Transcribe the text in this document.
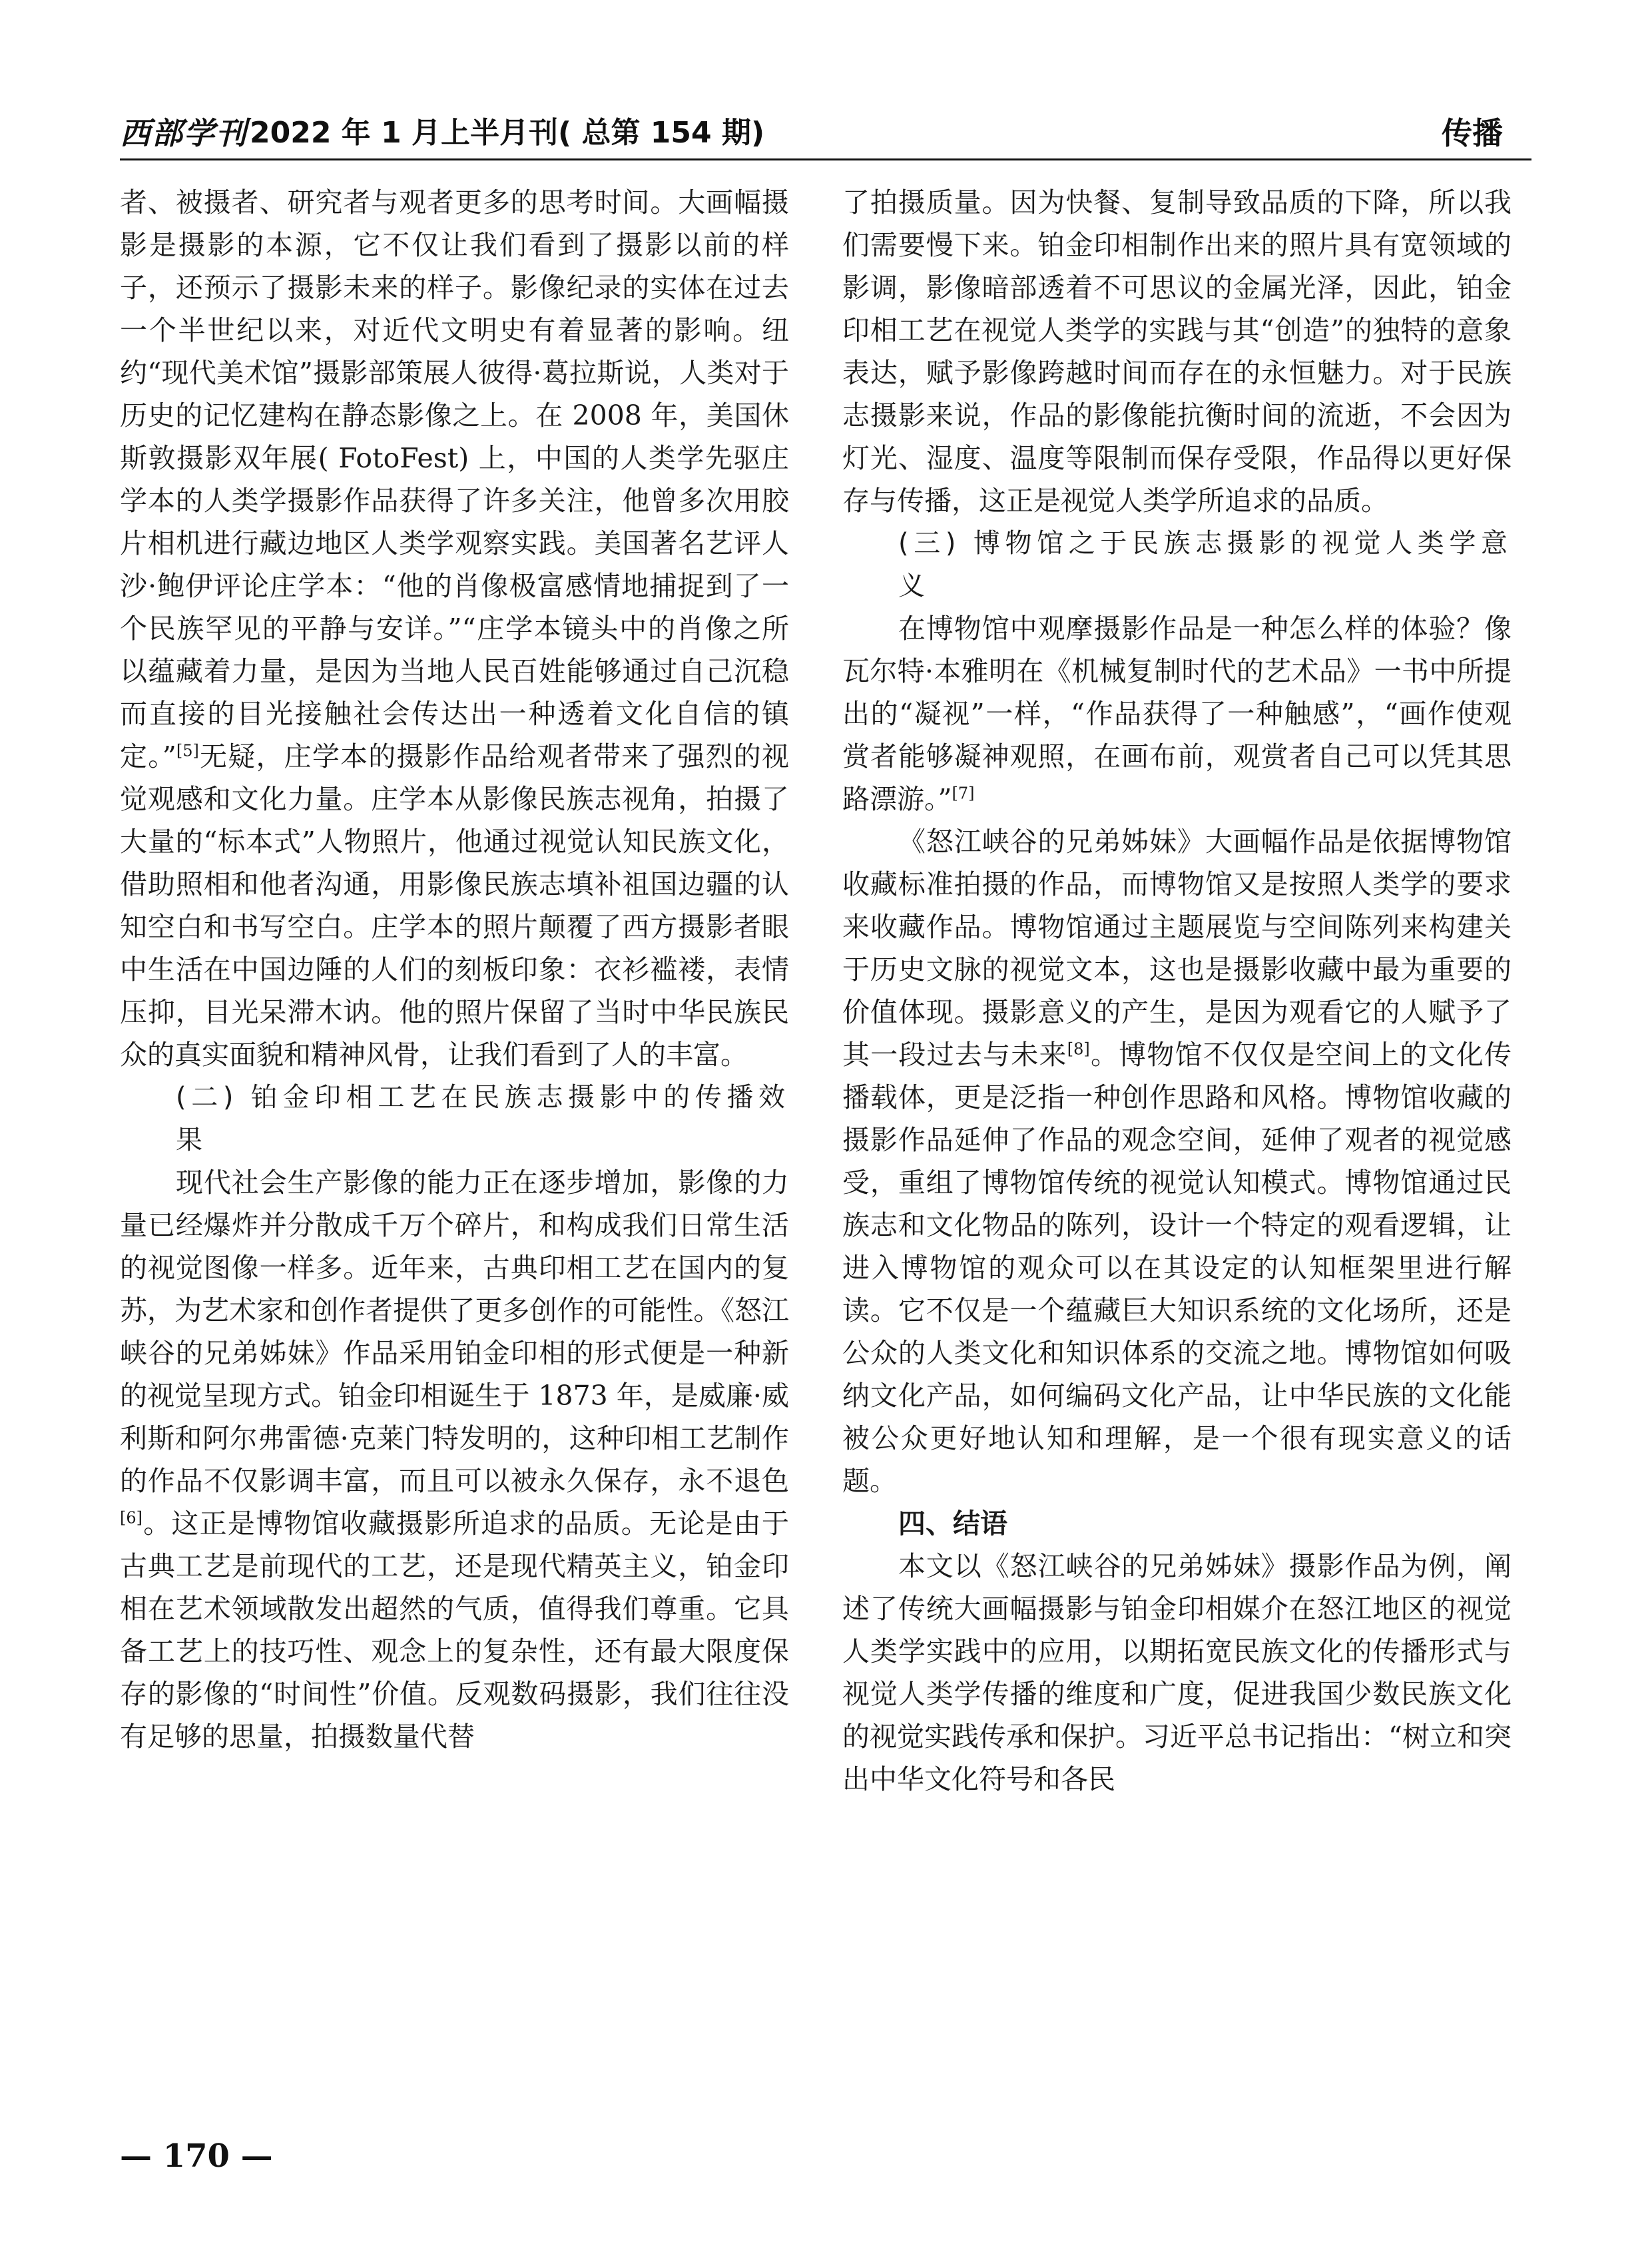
西部学刊 2022 年 1 月上半月刊( 总第 154 期)	传播

者、被摄者、研究者与观者更多的思考时间。大画幅摄影是摄影的本源，它不仅让我们看到了摄影以前的样子，还预示了摄影未来的样子。影像纪录的实体在过去一个半世纪以来，对近代文明史有着显著的影响。纽约“现代美术馆”摄影部策展人彼得·葛拉斯说，人类对于历史的记忆建构在静态影像之上。在 2008 年，美国休斯敦摄影双年展( FotoFest) 上，中国的人类学先驱庄学本的人类学摄影作品获得了许多关注，他曾多次用胶片相机进行藏边地区人类学观察实践。美国著名艺评人沙·鲍伊评论庄学本：“他的肖像极富感情地捕捉到了一个民族罕见的平静与安详。”“庄学本镜头中的肖像之所以蕴藏着力量，是因为当地人民百姓能够通过自己沉稳而直接的目光接触社会传达出一种透着文化自信的镇定。”[5]无疑，庄学本的摄影作品给观者带来了强烈的视觉观感和文化力量。庄学本从影像民族志视角，拍摄了大量的“标本式”人物照片，他通过视觉认知民族文化，借助照相和他者沟通，用影像民族志填补祖国边疆的认知空白和书写空白。庄学本的照片颠覆了西方摄影者眼中生活在中国边陲的人们的刻板印象：衣衫褴褛，表情压抑，目光呆滞木讷。他的照片保留了当时中华民族民众的真实面貌和精神风骨，让我们看到了人的丰富。

(二) 铂金印相工艺在民族志摄影中的传播效果

现代社会生产影像的能力正在逐步增加，影像的力量已经爆炸并分散成千万个碎片，和构成我们日常生活的视觉图像一样多。近年来，古典印相工艺在国内的复苏，为艺术家和创作者提供了更多创作的可能性。《怒江峡谷的兄弟姊妹》作品采用铂金印相的形式便是一种新的视觉呈现方式。铂金印相诞生于 1873 年，是威廉·威利斯和阿尔弗雷德·克莱门特发明的，这种印相工艺制作的作品不仅影调丰富，而且可以被永久保存，永不退色[6]。这正是博物馆收藏摄影所追求的品质。无论是由于古典工艺是前现代的工艺，还是现代精英主义，铂金印相在艺术领域散发出超然的气质，值得我们尊重。它具备工艺上的技巧性、观念上的复杂性，还有最大限度保存的影像的“时间性”价值。反观数码摄影，我们往往没有足够的思量，拍摄数量代替

了拍摄质量。因为快餐、复制导致品质的下降，所以我们需要慢下来。铂金印相制作出来的照片具有宽领域的影调，影像暗部透着不可思议的金属光泽，因此，铂金印相工艺在视觉人类学的实践与其“创造”的独特的意象表达，赋予影像跨越时间而存在的永恒魅力。对于民族志摄影来说，作品的影像能抗衡时间的流逝，不会因为灯光、湿度、温度等限制而保存受限，作品得以更好保存与传播，这正是视觉人类学所追求的品质。

(三) 博物馆之于民族志摄影的视觉人类学意义

在博物馆中观摩摄影作品是一种怎么样的体验？像瓦尔特·本雅明在《机械复制时代的艺术品》一书中所提出的“凝视”一样，“作品获得了一种触感”，“画作使观赏者能够凝神观照，在画布前，观赏者自己可以凭其思路漂游。”[7]

《怒江峡谷的兄弟姊妹》大画幅作品是依据博物馆收藏标准拍摄的作品，而博物馆又是按照人类学的要求来收藏作品。博物馆通过主题展览与空间陈列来构建关于历史文脉的视觉文本，这也是摄影收藏中最为重要的价值体现。摄影意义的产生，是因为观看它的人赋予了其一段过去与未来[8]。博物馆不仅仅是空间上的文化传播载体，更是泛指一种创作思路和风格。博物馆收藏的摄影作品延伸了作品的观念空间，延伸了观者的视觉感受，重组了博物馆传统的视觉认知模式。博物馆通过民族志和文化物品的陈列，设计一个特定的观看逻辑，让进入博物馆的观众可以在其设定的认知框架里进行解读。它不仅是一个蕴藏巨大知识系统的文化场所，还是公众的人类文化和知识体系的交流之地。博物馆如何吸纳文化产品，如何编码文化产品，让中华民族的文化能被公众更好地认知和理解，是一个很有现实意义的话题。

四、结语

本文以《怒江峡谷的兄弟姊妹》摄影作品为例，阐述了传统大画幅摄影与铂金印相媒介在怒江地区的视觉人类学实践中的应用，以期拓宽民族文化的传播形式与视觉人类学传播的维度和广度，促进我国少数民族文化的视觉实践传承和保护。习近平总书记指出：“树立和突出中华文化符号和各民

— 170 —
